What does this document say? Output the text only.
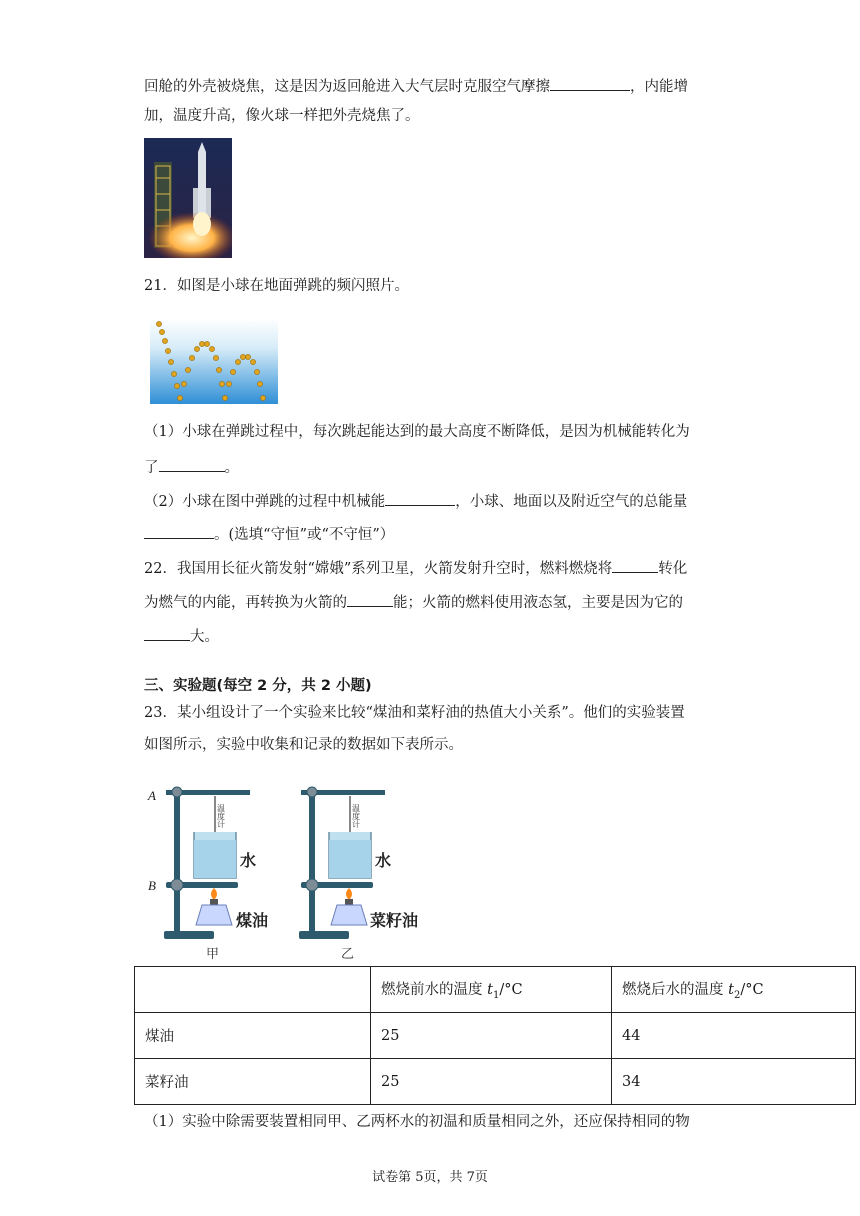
回舱的外壳被烧焦，这是因为返回舱进入大气层时克服空气摩擦	，内能增
加，温度升高，像火球一样把外壳烧焦了。
21．如图是小球在地面弹跳的频闪照片。
（1）小球在弹跳过程中，每次跳起能达到的最大高度不断降低，是因为机械能转化为
了	。
（2）小球在图中弹跳的过程中机械能	，小球、地面以及附近空气的总能量
。(选填“守恒”或“不守恒”）
22．我国用长征火箭发射“嫦娥”系列卫星，火箭发射升空时，燃料燃烧将	转化
为燃气的内能，再转换为火箭的	能；火箭的燃料使用液态氢，主要是因为它的
大。
三、实验题(每空 2 分，共 2 小题)
23．某小组设计了一个实验来比较“煤油和菜籽油的热值大小关系”。他们的实验装置
如图所示，实验中收集和记录的数据如下表所示。
A
温度计
水
B
煤油
甲
温度计
水
菜籽油
乙
	燃烧前水的温度 $t_1/^\circ C$	燃烧后水的温度 $t_2/^\circ C$
煤油	25	44
菜籽油	25	34
（1）实验中除需要装置相同甲、乙两杯水的初温和质量相同之外，还应保持相同的物
试卷第 5页，共 7页
